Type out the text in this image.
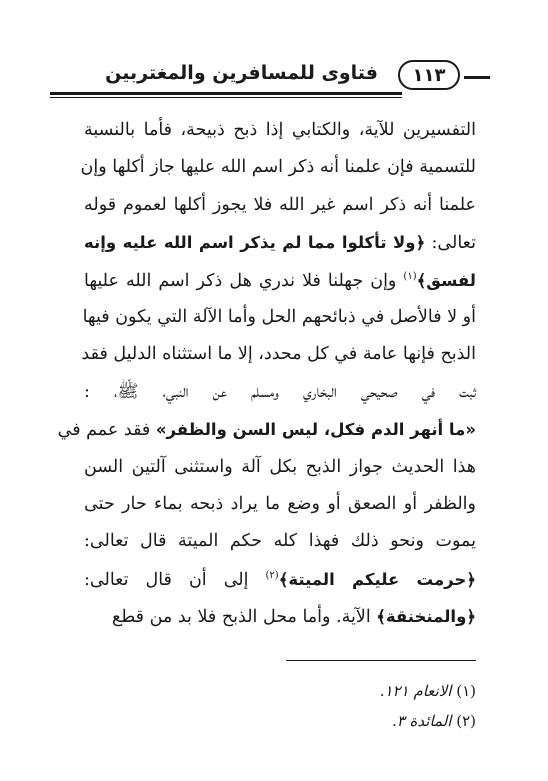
فتاوى للمسافرين والمغتربين	١١٣
التفسيرين للآية، والكتابي إذا ذبح ذبيحة، فأما بالنسبة
للتسمية فإن علمنا أنه ذكر اسم الله عليها جاز أكلها وإن
علمنا أنه ذكر اسم غير الله فلا يجوز أكلها لعموم قوله
تعالى: ﴿ولا تأكلوا مما لم يذكر اسم الله عليه وإنه
لفسق﴾$^{(١)}$ وإن جهلنا فلا ندري هل ذكر اسم الله عليها
أو لا فالأصل في ذبائحهم الحل وأما الآلة التي يكون فيها
الذبح فإنها عامة في كل محدد، إلا ما استثناه الدليل فقد
ثبت في صحيحي البخاري ومسلم عن النبي، ﷺ، :
«ما أنهر الدم فكل، ليس السن والظفر» فقد عمم في
هذا الحديث جواز الذبح بكل آلة واستثنى آلتين السن
والظفر أو الصعق أو وضع ما يراد ذبحه بماء حار حتى
يموت ونحو ذلك فهذا كله حكم الميتة قال تعالى:
﴿حرمت عليكم الميتة﴾$^{(٢)}$ إلى أن قال تعالى:
﴿والمنخنقة﴾ الآية. وأما محل الذبح فلا بد من قطع
(١) الانعام ١٢١.
(٢) المائدة ٣.
